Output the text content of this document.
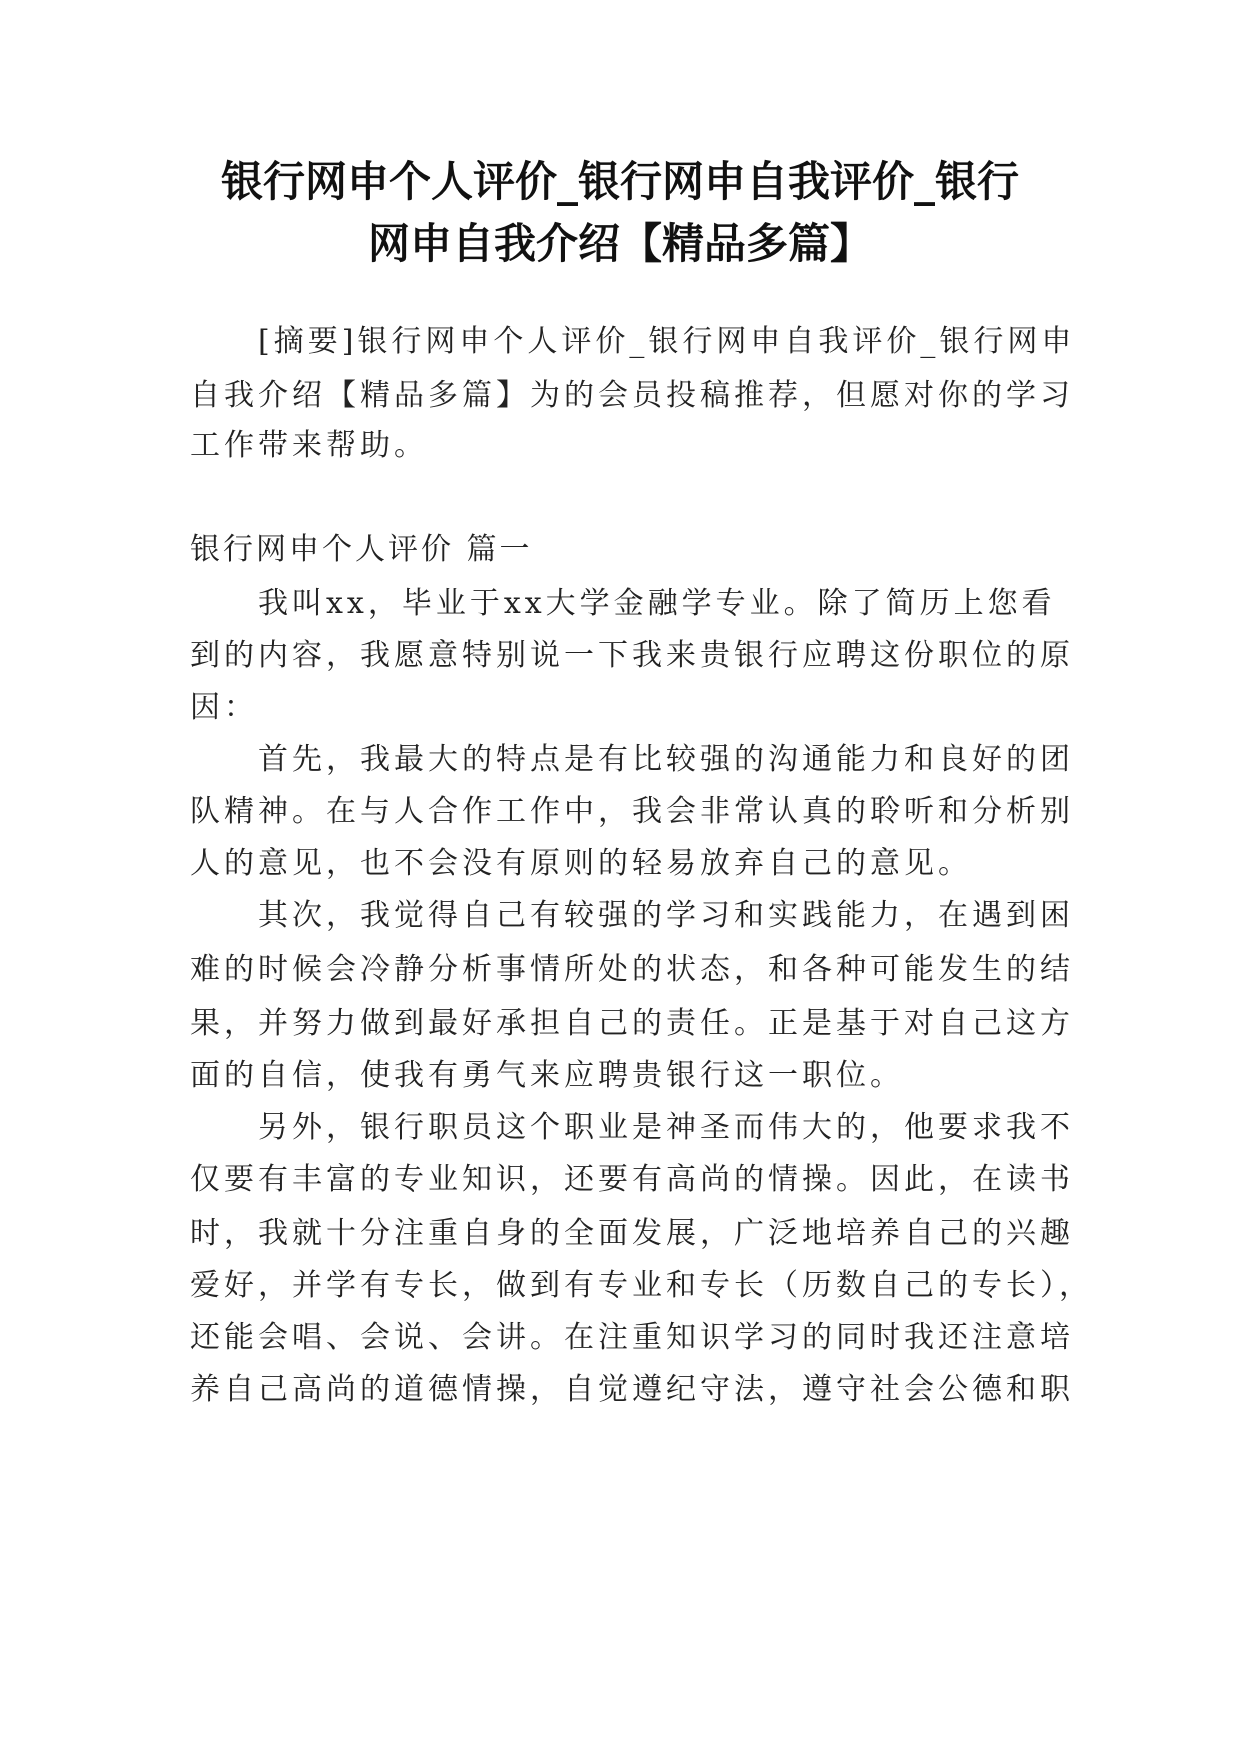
银行网申个人评价_银行网申自我评价_银行
网申自我介绍【精品多篇】
[摘要]银行网申个人评价_银行网申自我评价_银行网申
自我介绍【精品多篇】为的会员投稿推荐，但愿对你的学习
工作带来帮助。
银行网申个人评价 篇一
我叫xx，毕业于xx大学金融学专业。除了简历上您看
到的内容，我愿意特别说一下我来贵银行应聘这份职位的原
因：
首先，我最大的特点是有比较强的沟通能力和良好的团
队精神。在与人合作工作中，我会非常认真的聆听和分析别
人的意见，也不会没有原则的轻易放弃自己的意见。
其次，我觉得自己有较强的学习和实践能力，在遇到困
难的时候会冷静分析事情所处的状态，和各种可能发生的结
果，并努力做到最好承担自己的责任。正是基于对自己这方
面的自信，使我有勇气来应聘贵银行这一职位。
另外，银行职员这个职业是神圣而伟大的，他要求我不
仅要有丰富的专业知识，还要有高尚的情操。因此，在读书
时，我就十分注重自身的全面发展，广泛地培养自己的兴趣
爱好，并学有专长，做到有专业和专长（历数自己的专长），
还能会唱、会说、会讲。在注重知识学习的同时我还注意培
养自己高尚的道德情操，自觉遵纪守法，遵守社会公德和职
